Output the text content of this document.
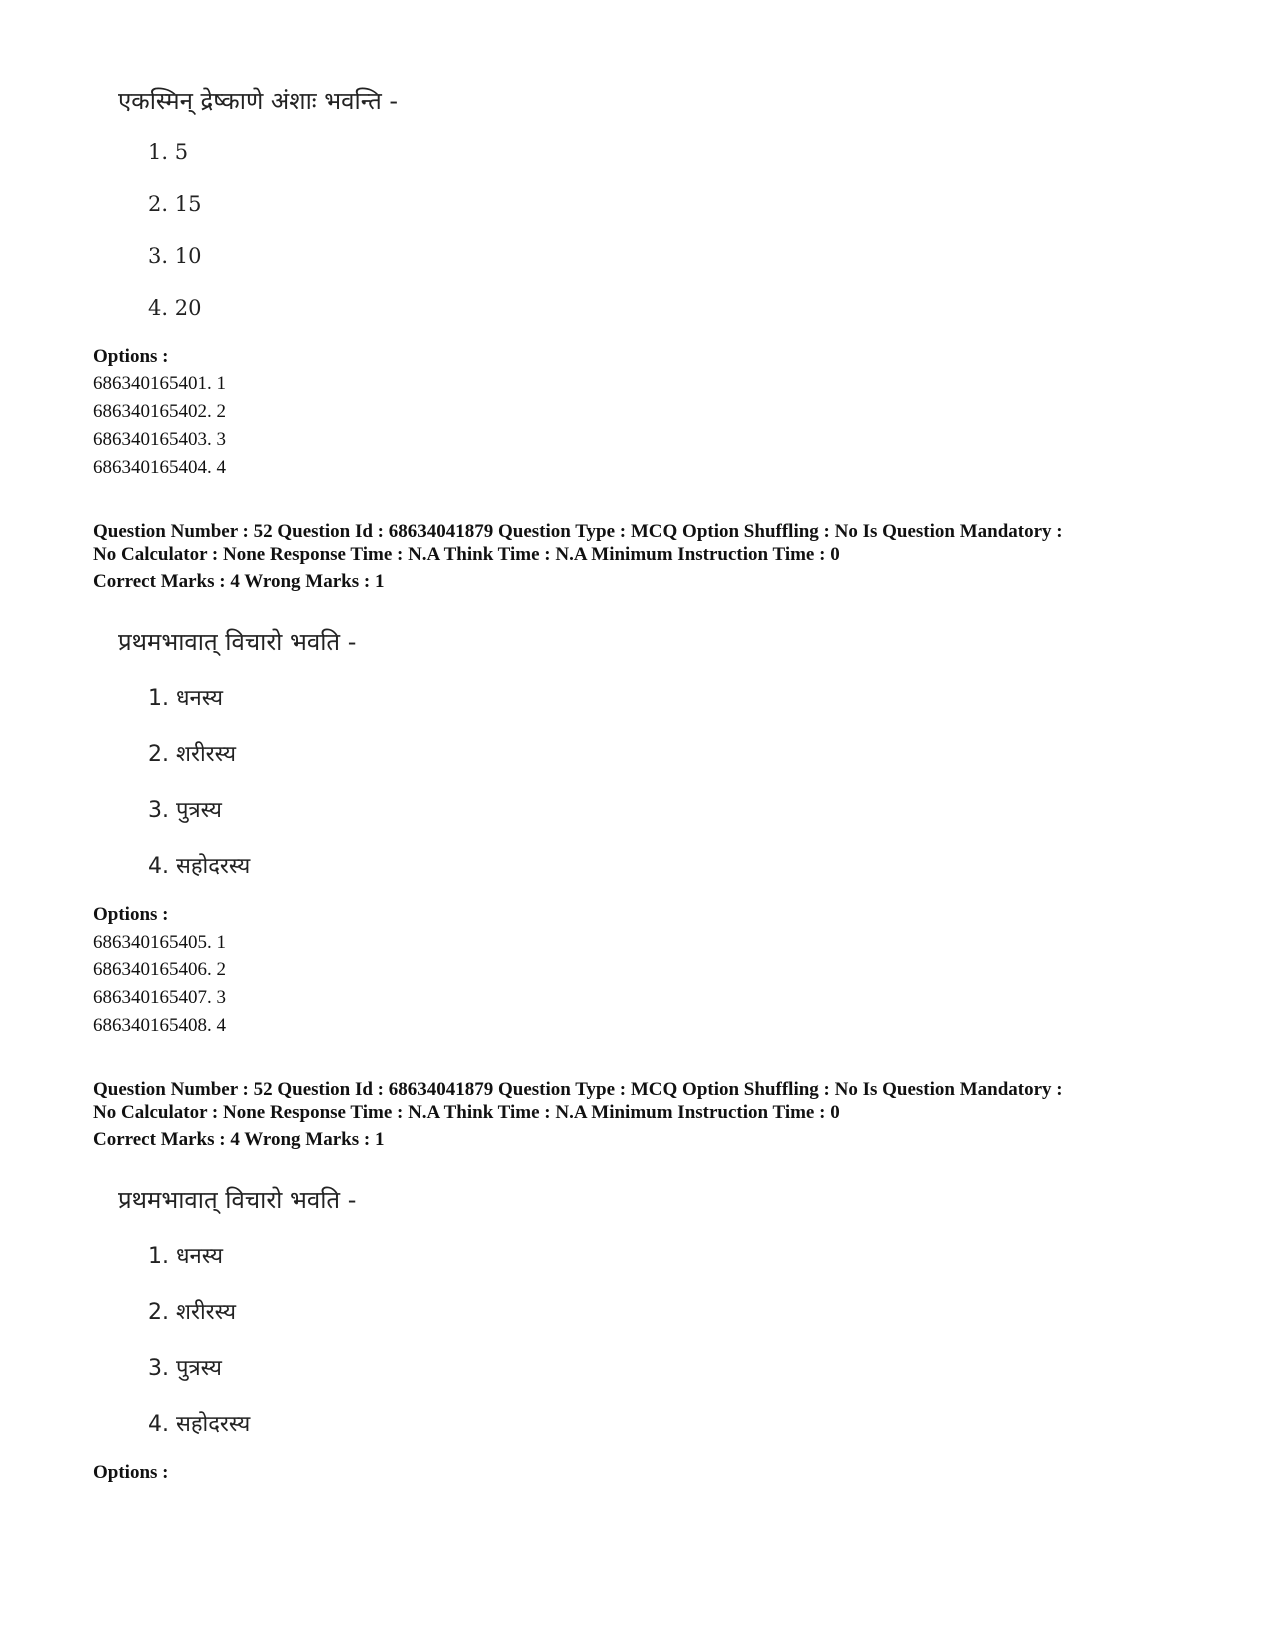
एकस्मिन् द्रेष्काणे अंशाः भवन्ति -
1. 5
2. 15
3. 10
4. 20
Options :
686340165401. 1
686340165402. 2
686340165403. 3
686340165404. 4
Question Number : 52 Question Id : 68634041879 Question Type : MCQ Option Shuffling : No Is Question Mandatory :
No Calculator : None Response Time : N.A Think Time : N.A Minimum Instruction Time : 0
Correct Marks : 4 Wrong Marks : 1
प्रथमभावात् विचारो भवति -
1. धनस्य
2. शरीरस्य
3. पुत्रस्य
4. सहोदरस्य
Options :
686340165405. 1
686340165406. 2
686340165407. 3
686340165408. 4
Question Number : 52 Question Id : 68634041879 Question Type : MCQ Option Shuffling : No Is Question Mandatory :
No Calculator : None Response Time : N.A Think Time : N.A Minimum Instruction Time : 0
Correct Marks : 4 Wrong Marks : 1
प्रथमभावात् विचारो भवति -
1. धनस्य
2. शरीरस्य
3. पुत्रस्य
4. सहोदरस्य
Options :
